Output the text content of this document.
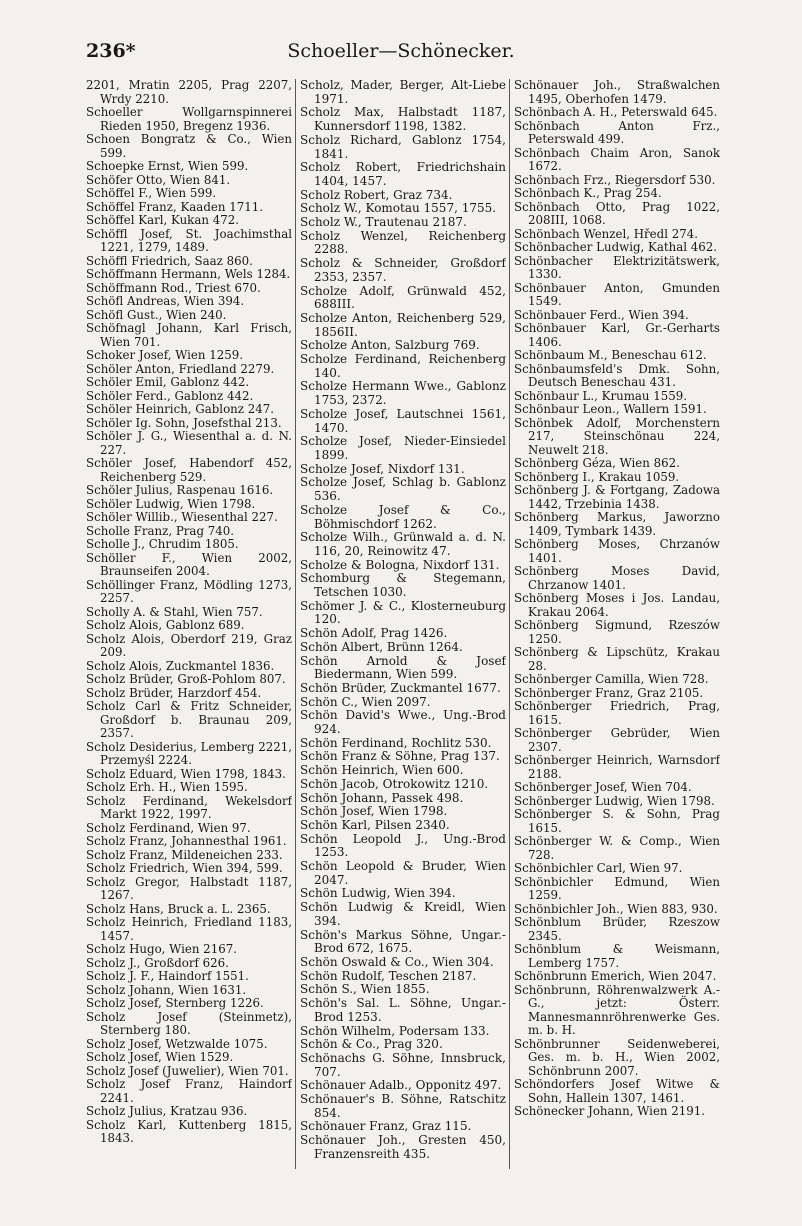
236*	Schoeller—Schönecker.

2201, Mratin 2205, Prag 2207, Wrdy 2210.

Schoeller Wollgarnspinnerei Rieden 1950, Bregenz 1936.

Schoen Bongratz & Co., Wien 599.

Schoepke Ernst, Wien 599.

Schöfer Otto, Wien 841.

Schöffel F., Wien 599.

Schöffel Franz, Kaaden 1711.

Schöffel Karl, Kukan 472.

Schöffl Josef, St. Joachimsthal 1221, 1279, 1489.

Schöffl Friedrich, Saaz 860.

Schöffmann Hermann, Wels 1284.

Schöffmann Rod., Triest 670.

Schöfl Andreas, Wien 394.

Schöfl Gust., Wien 240.

Schöfnagl Johann, Karl Frisch, Wien 701.

Schoker Josef, Wien 1259.

Schöler Anton, Friedland 2279.

Schöler Emil, Gablonz 442.

Schöler Ferd., Gablonz 442.

Schöler Heinrich, Gablonz 247.

Schöler Ig. Sohn, Josefsthal 213.

Schöler J. G., Wiesenthal a. d. N. 227.

Schöler Josef, Habendorf 452, Reichenberg 529.

Schöler Julius, Raspenau 1616.

Schöler Ludwig, Wien 1798.

Schöler Willib., Wiesenthal 227.

Scholle Franz, Prag 740.

Scholle J., Chrudim 1805.

Schöller F., Wien 2002, Braunseifen 2004.

Schöllinger Franz, Mödling 1273, 2257.

Scholly A. & Stahl, Wien 757.

Scholz Alois, Gablonz 689.

Scholz Alois, Oberdorf 219, Graz 209.

Scholz Alois, Zuckmantel 1836.

Scholz Brüder, Groß-Pohlom 807.

Scholz Brüder, Harzdorf 454.

Scholz Carl & Fritz Schneider, Großdorf b. Braunau 209, 2357.

Scholz Desiderius, Lemberg 2221, Przemyśl 2224.

Scholz Eduard, Wien 1798, 1843.

Scholz Erh. H., Wien 1595.

Scholz Ferdinand, Wekelsdorf Markt 1922, 1997.

Scholz Ferdinand, Wien 97.

Scholz Franz, Johannesthal 1961.

Scholz Franz, Mildeneichen 233.

Scholz Friedrich, Wien 394, 599.

Scholz Gregor, Halbstadt 1187, 1267.

Scholz Hans, Bruck a. L. 2365.

Scholz Heinrich, Friedland 1183, 1457.

Scholz Hugo, Wien 2167.

Scholz J., Großdorf 626.

Scholz J. F., Haindorf 1551.

Scholz Johann, Wien 1631.

Scholz Josef, Sternberg 1226.

Scholz Josef (Steinmetz), Sternberg 180.

Scholz Josef, Wetzwalde 1075.

Scholz Josef, Wien 1529.

Scholz Josef (Juwelier), Wien 701.

Scholz Josef Franz, Haindorf 2241.

Scholz Julius, Kratzau 936.

Scholz Karl, Kuttenberg 1815, 1843.

Scholz, Mader, Berger, Alt-Liebe 1971.

Scholz Max, Halbstadt 1187, Kunnersdorf 1198, 1382.

Scholz Richard, Gablonz 1754, 1841.

Scholz Robert, Friedrichshain 1404, 1457.

Scholz Robert, Graz 734.

Scholz W., Komotau 1557, 1755.

Scholz W., Trautenau 2187.

Scholz Wenzel, Reichenberg 2288.

Scholz & Schneider, Großdorf 2353, 2357.

Scholze Adolf, Grünwald 452, 688III.

Scholze Anton, Reichenberg 529, 1856II.

Scholze Anton, Salzburg 769.

Scholze Ferdinand, Reichenberg 140.

Scholze Hermann Wwe., Gablonz 1753, 2372.

Scholze Josef, Lautschnei 1561, 1470.

Scholze Josef, Nieder-Einsiedel 1899.

Scholze Josef, Nixdorf 131.

Scholze Josef, Schlag b. Gablonz 536.

Scholze Josef & Co., Böhmischdorf 1262.

Scholze Wilh., Grünwald a. d. N. 116, 20, Reinowitz 47.

Scholze & Bologna, Nixdorf 131.

Schomburg & Stegemann, Tetschen 1030.

Schömer J. & C., Klosterneuburg 120.

Schön Adolf, Prag 1426.

Schön Albert, Brünn 1264.

Schön Arnold & Josef Biedermann, Wien 599.

Schön Brüder, Zuckmantel 1677.

Schön C., Wien 2097.

Schön David's Wwe., Ung.-Brod 924.

Schön Ferdinand, Rochlitz 530.

Schön Franz & Söhne, Prag 137.

Schön Heinrich, Wien 600.

Schön Jacob, Otrokowitz 1210.

Schön Johann, Passek 498.

Schön Josef, Wien 1798.

Schön Karl, Pilsen 2340.

Schön Leopold J., Ung.-Brod 1253.

Schön Leopold & Bruder, Wien 2047.

Schön Ludwig, Wien 394.

Schön Ludwig & Kreidl, Wien 394.

Schön's Markus Söhne, Ungar.-Brod 672, 1675.

Schön Oswald & Co., Wien 304.

Schön Rudolf, Teschen 2187.

Schön S., Wien 1855.

Schön's Sal. L. Söhne, Ungar.-Brod 1253.

Schön Wilhelm, Podersam 133.

Schön & Co., Prag 320.

Schönachs G. Söhne, Innsbruck, 707.

Schönauer Adalb., Opponitz 497.

Schönauer's B. Söhne, Ratschitz 854.

Schönauer Franz, Graz 115.

Schönauer Joh., Gresten 450, Franzensreith 435.

Schönauer Joh., Straßwalchen 1495, Oberhofen 1479.

Schönbach A. H., Peterswald 645.

Schönbach Anton Frz., Peterswald 499.

Schönbach Chaim Aron, Sanok 1672.

Schönbach Frz., Riegersdorf 530.

Schönbach K., Prag 254.

Schönbach Otto, Prag 1022, 208III, 1068.

Schönbach Wenzel, Hředl 274.

Schönbacher Ludwig, Kathal 462.

Schönbacher Elektrizitätswerk, 1330.

Schönbauer Anton, Gmunden 1549.

Schönbauer Ferd., Wien 394.

Schönbauer Karl, Gr.-Gerharts 1406.

Schönbaum M., Beneschau 612.

Schönbaumsfeld's Dmk. Sohn, Deutsch Beneschau 431.

Schönbaur L., Krumau 1559.

Schönbaur Leon., Wallern 1591.

Schönbek Adolf, Morchenstern 217, Steinschönau 224, Neuwelt 218.

Schönberg Géza, Wien 862.

Schönberg I., Krakau 1059.

Schönberg J. & Fortgang, Zadowa 1442, Trzebinia 1438.

Schönberg Markus, Jaworzno 1409, Tymbark 1439.

Schönberg Moses, Chrzanów 1401.

Schönberg Moses David, Chrzanow 1401.

Schönberg Moses i Jos. Landau, Krakau 2064.

Schönberg Sigmund, Rzeszów 1250.

Schönberg & Lipschütz, Krakau 28.

Schönberger Camilla, Wien 728.

Schönberger Franz, Graz 2105.

Schönberger Friedrich, Prag, 1615.

Schönberger Gebrüder, Wien 2307.

Schönberger Heinrich, Warnsdorf 2188.

Schönberger Josef, Wien 704.

Schönberger Ludwig, Wien 1798.

Schönberger S. & Sohn, Prag 1615.

Schönberger W. & Comp., Wien 728.

Schönbichler Carl, Wien 97.

Schönbichler Edmund, Wien 1259.

Schönbichler Joh., Wien 883, 930.

Schönblum Brüder, Rzeszow 2345.

Schönblum & Weismann, Lemberg 1757.

Schönbrunn Emerich, Wien 2047.

Schönbrunn, Röhrenwalzwerk A.-G., jetzt: Österr. Mannesmannröhrenwerke Ges. m. b. H.

Schönbrunner Seidenweberei, Ges. m. b. H., Wien 2002, Schönbrunn 2007.

Schöndorfers Josef Witwe & Sohn, Hallein 1307, 1461.

Schönecker Johann, Wien 2191.
